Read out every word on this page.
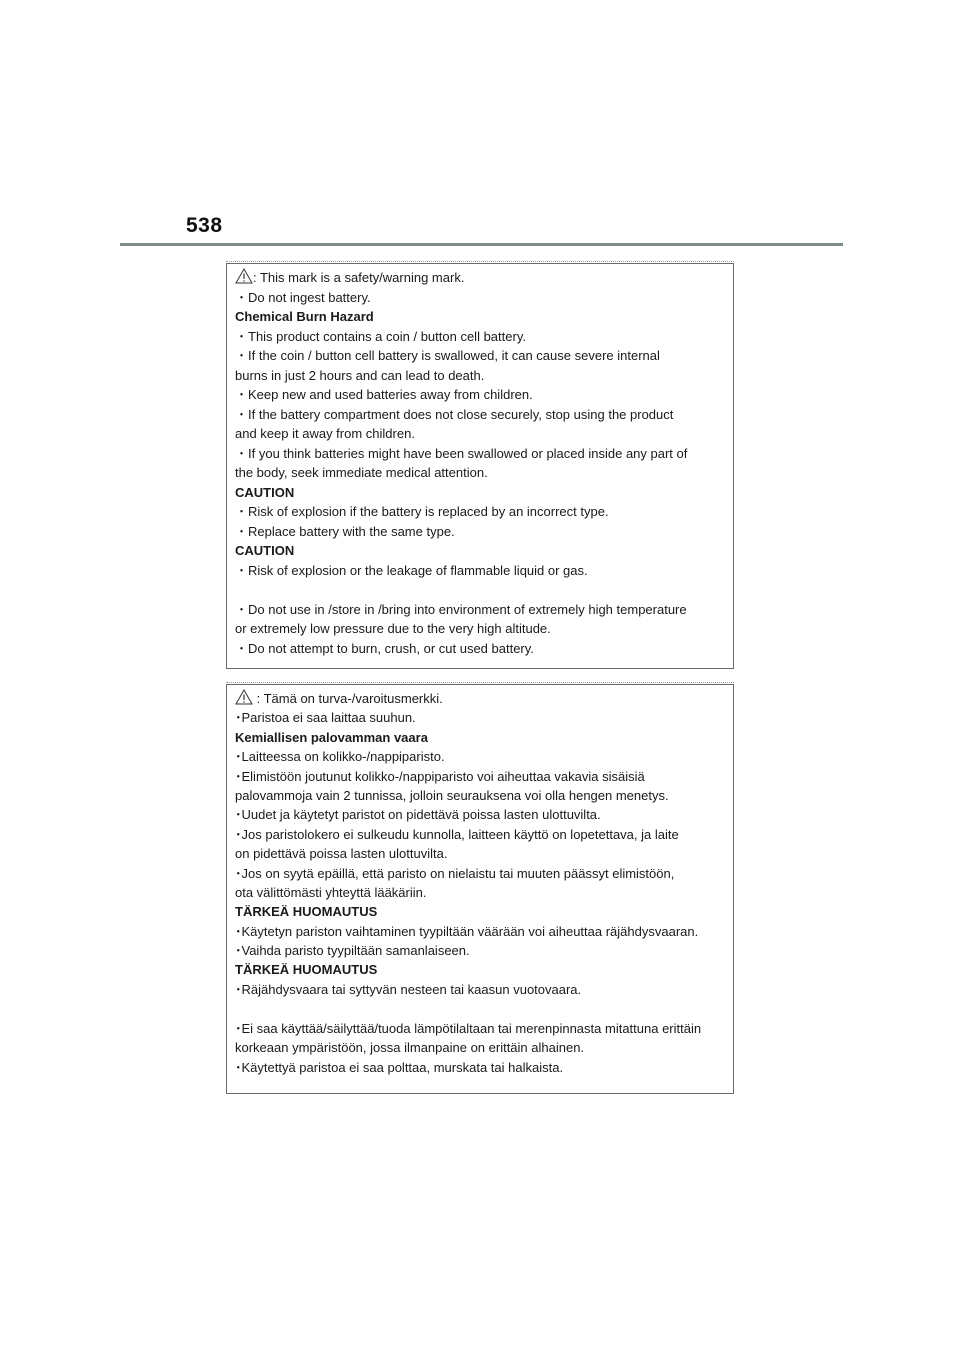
538
: This mark is a safety/warning mark.
・Do not ingest battery.
Chemical Burn Hazard
・This product contains a coin / button cell battery.
・If the coin / button cell battery is swallowed, it can cause severe internal
burns in just 2 hours and can lead to death.
・Keep new and used batteries away from children.
・If the battery compartment does not close securely, stop using the product
and keep it away from children.
・If you think batteries might have been swallowed or placed inside any part of
the body, seek immediate medical attention.
CAUTION
・Risk of explosion if the battery is replaced by an incorrect type.
・Replace battery with the same type.
CAUTION
・Risk of explosion or the leakage of flammable liquid or gas.
・Do not use in /store in /bring into environment of extremely high temperature
or extremely low pressure due to the very high altitude.
・Do not attempt to burn, crush, or cut used battery.
: Tämä on turva-/varoitusmerkki.
･Paristoa ei saa laittaa suuhun.
Kemiallisen palovamman vaara
･Laitteessa on kolikko-/nappiparisto.
･Elimistöön joutunut kolikko-/nappiparisto voi aiheuttaa vakavia sisäisiä
palovammoja vain 2 tunnissa, jolloin seurauksena voi olla hengen menetys.
･Uudet ja käytetyt paristot on pidettävä poissa lasten ulottuvilta.
･Jos paristolokero ei sulkeudu kunnolla, laitteen käyttö on lopetettava, ja laite
on pidettävä poissa lasten ulottuvilta.
･Jos on syytä epäillä, että paristo on nielaistu tai muuten päässyt elimistöön,
ota välittömästi yhteyttä lääkäriin.
TÄRKEÄ HUOMAUTUS
･Käytetyn pariston vaihtaminen tyypiltään väärään voi aiheuttaa räjähdysvaaran.
･Vaihda paristo tyypiltään samanlaiseen.
TÄRKEÄ HUOMAUTUS
･Räjähdysvaara tai syttyvän nesteen tai kaasun vuotovaara.
･Ei saa käyttää/säilyttää/tuoda lämpötilaltaan tai merenpinnasta mitattuna erittäin
korkeaan ympäristöön, jossa ilmanpaine on erittäin alhainen.
･Käytettyä paristoa ei saa polttaa, murskata tai halkaista.
